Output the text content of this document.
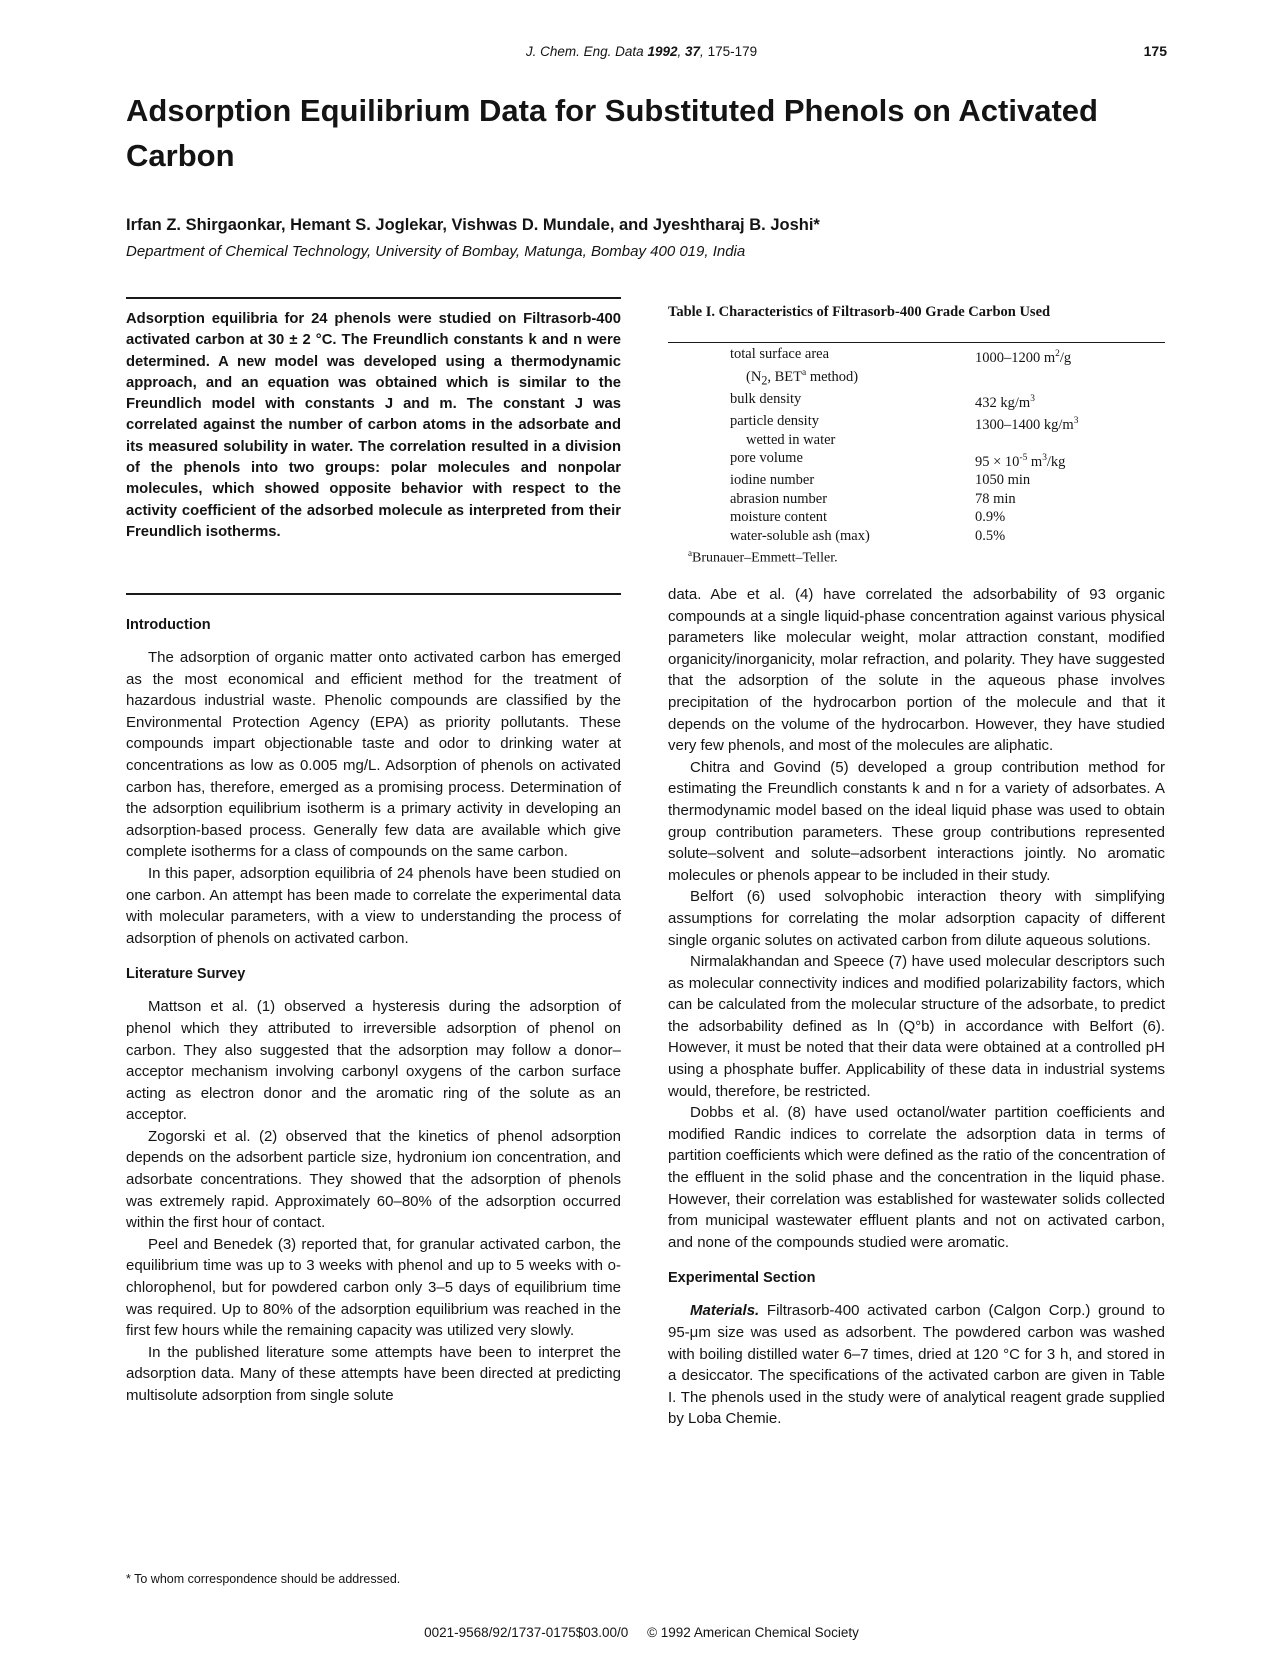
J. Chem. Eng. Data 1992, 37, 175-179	175
Adsorption Equilibrium Data for Substituted Phenols on Activated Carbon
Irfan Z. Shirgaonkar, Hemant S. Joglekar, Vishwas D. Mundale, and Jyeshtharaj B. Joshi*
Department of Chemical Technology, University of Bombay, Matunga, Bombay 400 019, India

Adsorption equilibria for 24 phenols were studied on Filtrasorb-400 activated carbon at 30 ± 2 °C. The Freundlich constants k and n were determined. A new model was developed using a thermodynamic approach, and an equation was obtained which is similar to the Freundlich model with constants J and m. The constant J was correlated against the number of carbon atoms in the adsorbate and its measured solubility in water. The correlation resulted in a division of the phenols into two groups: polar molecules and nonpolar molecules, which showed opposite behavior with respect to the activity coefficient of the adsorbed molecule as interpreted from their Freundlich isotherms.

Introduction

The adsorption of organic matter onto activated carbon has emerged as the most economical and efficient method for the treatment of hazardous industrial waste. Phenolic compounds are classified by the Environmental Protection Agency (EPA) as priority pollutants. These compounds impart objectionable taste and odor to drinking water at concentrations as low as 0.005 mg/L. Adsorption of phenols on activated carbon has, therefore, emerged as a promising process. Determination of the adsorption equilibrium isotherm is a primary activity in developing an adsorption-based process. Generally few data are available which give complete isotherms for a class of compounds on the same carbon.

In this paper, adsorption equilibria of 24 phenols have been studied on one carbon. An attempt has been made to correlate the experimental data with molecular parameters, with a view to understanding the process of adsorption of phenols on activated carbon.

Literature Survey

Mattson et al. (1) observed a hysteresis during the adsorption of phenol which they attributed to irreversible adsorption of phenol on carbon. They also suggested that the adsorption may follow a donor–acceptor mechanism involving carbonyl oxygens of the carbon surface acting as electron donor and the aromatic ring of the solute as an acceptor.

Zogorski et al. (2) observed that the kinetics of phenol adsorption depends on the adsorbent particle size, hydronium ion concentration, and adsorbate concentrations. They showed that the adsorption of phenols was extremely rapid. Approximately 60–80% of the adsorption occurred within the first hour of contact.

Peel and Benedek (3) reported that, for granular activated carbon, the equilibrium time was up to 3 weeks with phenol and up to 5 weeks with o-chlorophenol, but for powdered carbon only 3–5 days of equilibrium time was required. Up to 80% of the adsorption equilibrium was reached in the first few hours while the remaining capacity was utilized very slowly.

In the published literature some attempts have been to interpret the adsorption data. Many of these attempts have been directed at predicting multisolute adsorption from single solute

* To whom correspondence should be addressed.
Table I. Characteristics of Filtrasorb-400 Grade Carbon Used
total surface area
($N_2$, BET$^a$ method)	1000–1200 $m^2/g$
bulk density	432 $kg/m^3$

particle density
wetted in water	1300–1400 $kg/m^3$
pore volume	$95 \times 10^{-5}$ $m^3/kg$
iodine number	1050 min
abrasion number	78 min
moisture content	0.9%
water-soluble ash (max)	0.5%
$^a$Brunauer–Emmett–Teller.

data. Abe et al. (4) have correlated the adsorbability of 93 organic compounds at a single liquid-phase concentration against various physical parameters like molecular weight, molar attraction constant, modified organicity/inorganicity, molar refraction, and polarity. They have suggested that the adsorption of the solute in the aqueous phase involves precipitation of the hydrocarbon portion of the molecule and that it depends on the volume of the hydrocarbon. However, they have studied very few phenols, and most of the molecules are aliphatic.

Chitra and Govind (5) developed a group contribution method for estimating the Freundlich constants k and n for a variety of adsorbates. A thermodynamic model based on the ideal liquid phase was used to obtain group contribution parameters. These group contributions represented solute–solvent and solute–adsorbent interactions jointly. No aromatic molecules or phenols appear to be included in their study.

Belfort (6) used solvophobic interaction theory with simplifying assumptions for correlating the molar adsorption capacity of different single organic solutes on activated carbon from dilute aqueous solutions.

Nirmalakhandan and Speece (7) have used molecular descriptors such as molecular connectivity indices and modified polarizability factors, which can be calculated from the molecular structure of the adsorbate, to predict the adsorbability defined as ln (Q°b) in accordance with Belfort (6). However, it must be noted that their data were obtained at a controlled pH using a phosphate buffer. Applicability of these data in industrial systems would, therefore, be restricted.

Dobbs et al. (8) have used octanol/water partition coefficients and modified Randic indices to correlate the adsorption data in terms of partition coefficients which were defined as the ratio of the concentration of the effluent in the solid phase and the concentration in the liquid phase. However, their correlation was established for wastewater solids collected from municipal wastewater effluent plants and not on activated carbon, and none of the compounds studied were aromatic.

Experimental Section

Materials. Filtrasorb-400 activated carbon (Calgon Corp.) ground to 95-μm size was used as adsorbent. The powdered carbon was washed with boiling distilled water 6–7 times, dried at 120 °C for 3 h, and stored in a desiccator. The specifications of the activated carbon are given in Table I. The phenols used in the study were of analytical reagent grade supplied by Loba Chemie.

0021-9568/92/1737-0175$03.00/0 © 1992 American Chemical Society
